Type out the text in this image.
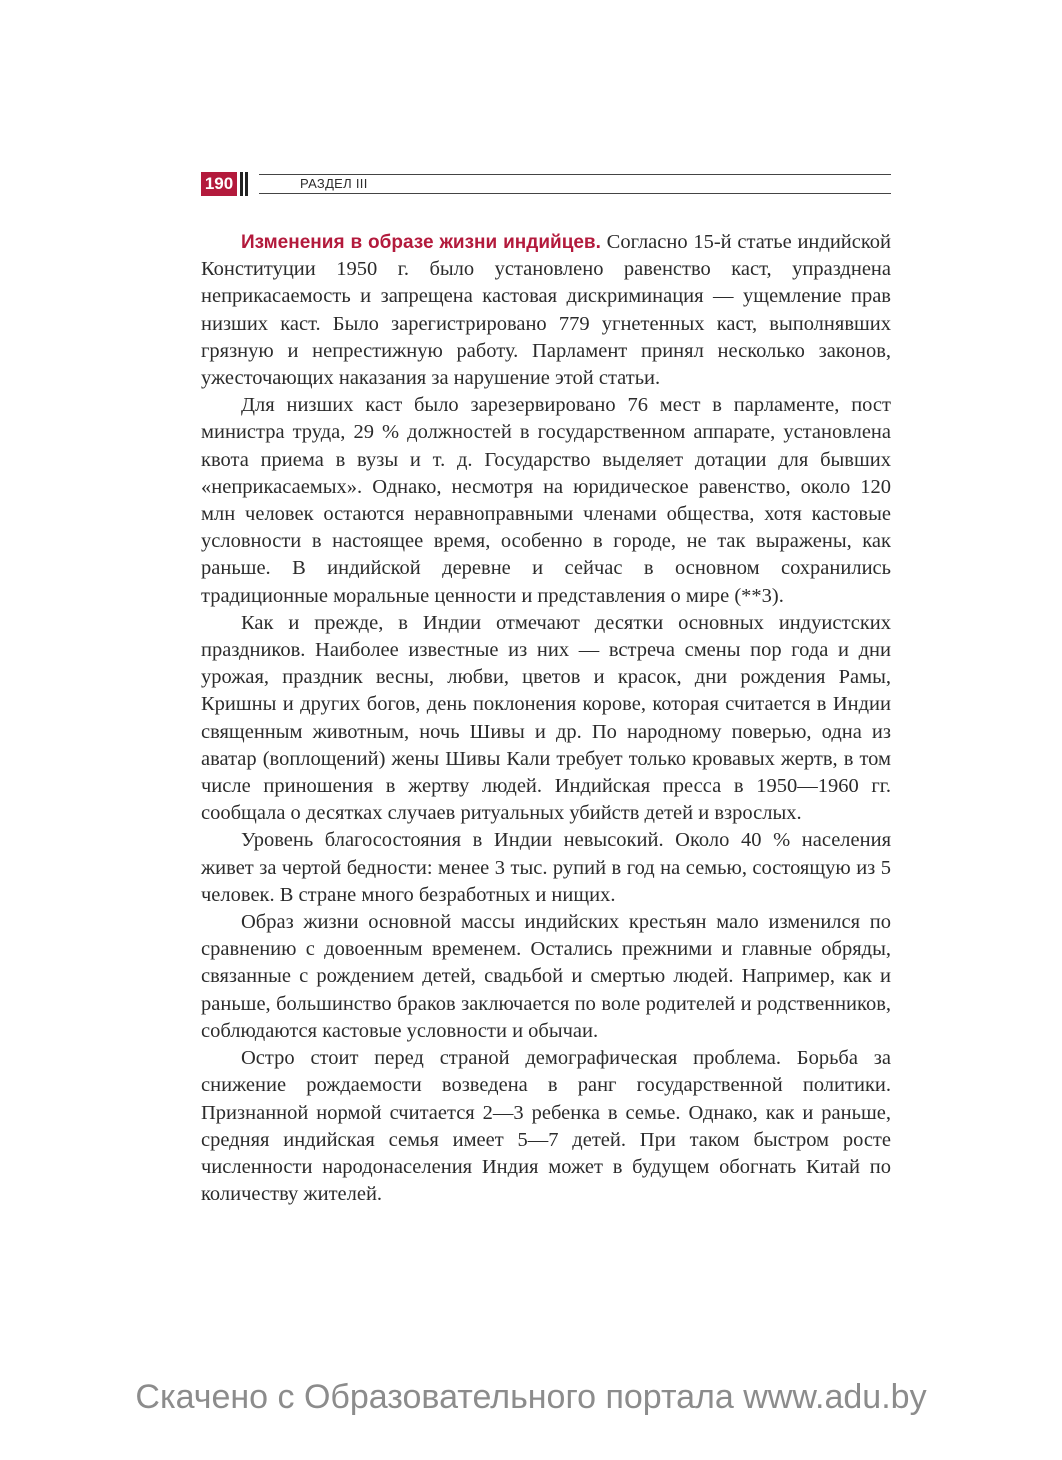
190	РАЗДЕЛ III

Изменения в образе жизни индийцев. Согласно 15-й статье индийской Конституции 1950 г. было установлено равенство каст, упразднена неприкасаемость и запрещена кастовая дискриминация — ущемление прав низших каст. Было зарегистрировано 779 угнетенных каст, выполнявших грязную и непрестижную работу. Парламент принял несколько законов, ужесточающих наказания за нарушение этой статьи.

Для низших каст было зарезервировано 76 мест в парламенте, пост министра труда, 29 % должностей в государственном аппарате, установлена квота приема в вузы и т. д. Государство выделяет дотации для бывших «неприкасаемых». Однако, несмотря на юридическое равенство, около 120 млн человек остаются неравноправными членами общества, хотя кастовые условности в настоящее время, особенно в городе, не так выражены, как раньше. В индийской деревне и сейчас в основном сохранились традиционные моральные ценности и представления о мире (**3).

Как и прежде, в Индии отмечают десятки основных индуистских праздников. Наиболее известные из них — встреча смены пор года и дни урожая, праздник весны, любви, цветов и красок, дни рождения Рамы, Кришны и других богов, день поклонения корове, которая считается в Индии священным животным, ночь Шивы и др. По народному поверью, одна из аватар (воплощений) жены Шивы Кали требует только кровавых жертв, в том числе приношения в жертву людей. Индийская пресса в 1950—1960 гг. сообщала о десятках случаев ритуальных убийств детей и взрослых.

Уровень благосостояния в Индии невысокий. Около 40 % населения живет за чертой бедности: менее 3 тыс. рупий в год на семью, состоящую из 5 человек. В стране много безработных и нищих.

Образ жизни основной массы индийских крестьян мало изменился по сравнению с довоенным временем. Остались прежними и главные обряды, связанные с рождением детей, свадьбой и смертью людей. Например, как и раньше, большинство браков заключается по воле родителей и родственников, соблюдаются кастовые условности и обычаи.

Остро стоит перед страной демографическая проблема. Борьба за снижение рождаемости возведена в ранг государственной политики. Признанной нормой считается 2—3 ребенка в семье. Однако, как и раньше, средняя индийская семья имеет 5—7 детей. При таком быстром росте численности народонаселения Индия может в будущем обогнать Китай по количеству жителей.

Скачено с Образовательного портала www.adu.by
